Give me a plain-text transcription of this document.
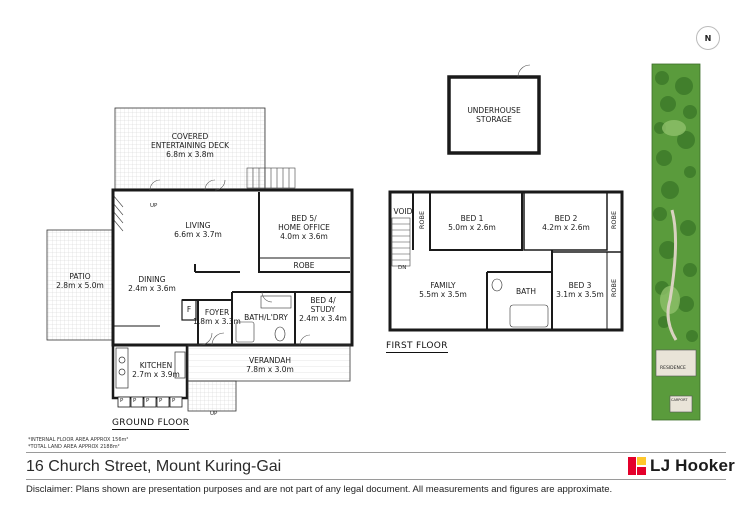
N
COVERED
ENTERTAINING DECK
6.8m x 3.8m
PATIO
2.8m x 5.0m
LIVING
6.6m x 3.7m
DINING
2.4m x 3.6m
KITCHEN
2.7m x 3.9m
BED 5/
HOME OFFICE
4.0m x 3.6m
ROBE
BED 4/
STUDY
2.4m x 3.4m
BATH/L'DRY
FOYER
1.8m x 3.3m
F
VERANDAH
7.8m x 3.0m
P P P P P
UP
UP
GROUND FLOOR
UNDERHOUSE
STORAGE
VOID ROBE	BED 1
5.0m x 2.6m
BED 2
4.2m x 2.6m	ROBE
FAMILY
5.5m x 3.5m	BATH
BED 3
3.1m x 3.5m ROBE
DN
FIRST FLOOR
RESIDENCE
CARPORT
*INTERNAL FLOOR AREA APPROX 156m²
*TOTAL LAND AREA APPROX 2188m²
16 Church Street, Mount Kuring-Gai	LJ Hooker
Disclaimer: Plans shown are presentation purposes and are not part of any legal document. All measurements and figures are approximate.
